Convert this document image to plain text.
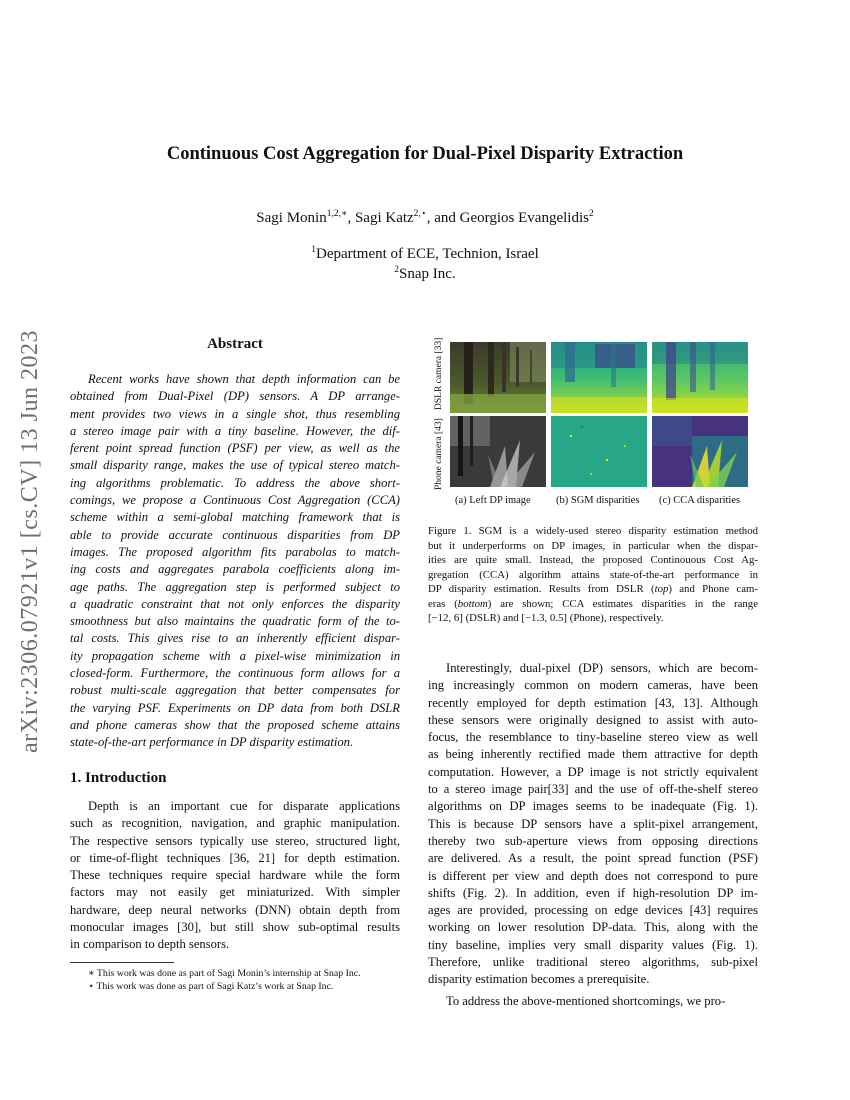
arXiv:2306.07921v1 [cs.CV] 13 Jun 2023
Continuous Cost Aggregation for Dual-Pixel Disparity Extraction
Sagi Monin$^{1,2,∗}$, Sagi Katz$^{2,⋆}$, and Georgios Evangelidis$^2$
$^1$Department of ECE, Technion, Israel
$^2$Snap Inc.
Abstract
Recent works have shown that depth information can be
obtained from Dual-Pixel (DP) sensors. A DP arrange-
ment provides two views in a single shot, thus resembling
a stereo image pair with a tiny baseline. However, the dif-
ferent point spread function (PSF) per view, as well as the
small disparity range, makes the use of typical stereo match-
ing algorithms problematic. To address the above short-
comings, we propose a Continuous Cost Aggregation (CCA)
scheme within a semi-global matching framework that is
able to provide accurate continuous disparities from DP
images. The proposed algorithm fits parabolas to match-
ing costs and aggregates parabola coefficients along im-
age paths. The aggregation step is performed subject to
a quadratic constraint that not only enforces the disparity
smoothness but also maintains the quadratic form of the to-
tal costs. This gives rise to an inherently efficient dispar-
ity propagation scheme with a pixel-wise minimization in
closed-form. Furthermore, the continuous form allows for a
robust multi-scale aggregation that better compensates for
the varying PSF. Experiments on DP data from both DSLR
and phone cameras show that the proposed scheme attains
state-of-the-art performance in DP disparity estimation.
1. Introduction
Depth is an important cue for disparate applications
such as recognition, navigation, and graphic manipulation.
The respective sensors typically use stereo, structured light,
or time-of-flight techniques [36, 21] for depth estimation.
These techniques require special hardware while the form
factors may not easily get miniaturized. With simpler
hardware, deep neural networks (DNN) obtain depth from
monocular images [30], but still show sub-optimal results
in comparison to depth sensors.
∗ This work was done as part of Sagi Monin’s internship at Snap Inc.
⋆ This work was done as part of Sagi Katz’s work at Snap Inc.
DSLR camera [33]
Phone camera [43]
(a) Left DP image (b) SGM disparities (c) CCA disparities
Figure 1. SGM is a widely-used stereo disparity estimation method
but it underperforms on DP images, in particular when the dispar-
ities are quite small. Instead, the proposed Continouous Cost Ag-
gregation (CCA) algorithm attains state-of-the-art performance in
DP disparity estimation. Results from DSLR (top) and Phone cam-
eras (bottom) are shown; CCA estimates disparities in the range
[−12, 6] (DSLR) and [−1.3, 0.5] (Phone), respectively.
Interestingly, dual-pixel (DP) sensors, which are becom-
ing increasingly common on modern cameras, have been
recently employed for depth estimation [43, 13]. Although
these sensors were originally designed to assist with auto-
focus, the resemblance to tiny-baseline stereo view as well
as being inherently rectified made them attractive for depth
computation. However, a DP image is not strictly equivalent
to a stereo image pair[33] and the use of off-the-shelf stereo
algorithms on DP images seems to be inadequate (Fig. 1).
This is because DP sensors have a split-pixel arrangement,
thereby two sub-aperture views from opposing directions
are delivered. As a result, the point spread function (PSF)
is different per view and depth does not correspond to pure
shifts (Fig. 2). In addition, even if high-resolution DP im-
ages are provided, processing on edge devices [43] requires
working on lower resolution DP-data. This, along with the
tiny baseline, implies very small disparity values (Fig. 1).
Therefore, unlike traditional stereo algorithms, sub-pixel
disparity estimation becomes a prerequisite.
To address the above-mentioned shortcomings, we pro-
